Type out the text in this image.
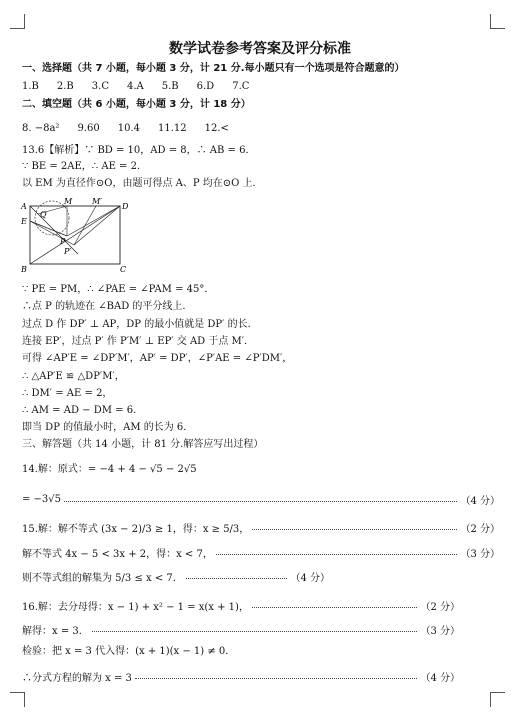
数学试卷参考答案及评分标准
一、选择题（共 7 小题，每小题 3 分，计 21 分.每小题只有一个选项是符合题意的）
1.B 2.B 3.C 4.A 5.B 6.D 7.C
二、填空题（共 6 小题，每小题 3 分，计 18 分）
8. −8a² 9.60 10.4 11.12 12.<
13.6【解析】∵ BD = 10，AD = 8，∴ AB = 6．
∵ BE = 2AE，∴ AE = 2．
以 EM 为直径作⊙O，由题可得点 A、P 均在⊙O 上．
A
M M′
D
Q
E
P
P′
B	C
∵ PE = PM，∴ ∠PAE = ∠PAM = 45°．
∴点 P 的轨迹在 ∠BAD 的平分线上．
过点 D 作 DP′ ⊥ AP，DP 的最小值就是 DP′ 的长．
连接 EP′，过点 P′ 作 P′M′ ⊥ EP′ 交 AD 于点 M′．
可得 ∠AP′E = ∠DP′M′，AP′ = DP′，∠P′AE = ∠P′DM′，
∴ △AP′E ≌ △DP′M′，
∴ DM′ = AE = 2，
∴ AM = AD − DM = 6．
即当 DP 的值最小时，AM 的长为 6．
三、解答题（共 14 小题，计 81 分.解答应写出过程）
14.解：原式：= −4 + 4 − √5 − 2√5
= −3√5	（4 分）
15.解：解不等式 (3x − 2)/3 ≥ 1，得：x ≥ 5/3，	（2 分）
解不等式 4x − 5 < 3x + 2，得：x < 7，	（3 分）
则不等式组的解集为 5/3 ≤ x < 7．	（4 分）
16.解：去分母得：x − 1) + x² − 1 = x(x + 1)，	（2 分）
解得：x = 3．	（3 分）
检验：把 x = 3 代入得：(x + 1)(x − 1) ≠ 0．
∴分式方程的解为 x = 3	（4 分）
